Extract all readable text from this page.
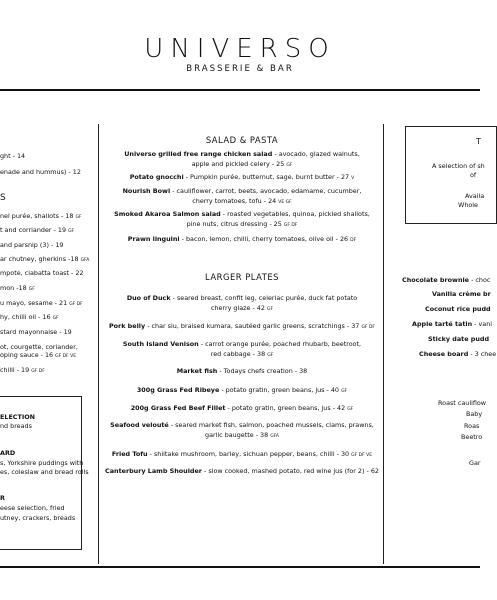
UNIVERSO
BRASSERIE & BAR
ght - 14
enade and hummus) - 12
S
nel purée, shallots - 18 GF
t and corriander - 19 GF
and parsnip (3) - 19
ar chutney, gherkins -18 GFA
mpote, ciabatta toast - 22
mon -18 GF
u mayo, sesame - 21 GF DF
hy, chilli oil - 16 GF
stard mayonnaise - 19
ot, courgette, coriander,
oping sauce - 16 GF DF VE
chilli - 19 GF DF
ELECTION
nd breads
ARD
s, Yorkshire puddings with
es, coleslaw and bread rolls
R
eese selection, fried
utney, crackers, breads
SALAD & PASTA
Universo grilled free range chicken salad - avocado, glazed walnuts,
apple and pickled celery - 25 GF
Potato gnocchi - Pumpkin purée, butternut, sage, burnt butter - 27 V
Nourish Bowl - cauliflower, carrot, beets, avocado, edamame, cucumber,
cherry tomatoes, tofu - 24 VE GF
Smoked Akaroa Salmon salad - roasted vegetables, quinoa, pickled shallots,
pine nuts, citrus dressing - 25 GF DF
Prawn linguini - bacon, lemon, chilli, cherry tomatoes, olive oil - 26 DF
LARGER PLATES
Duo of Duck - seared breast, confit leg, celeriac purée, duck fat potato
cherry glaze - 42 GF
Pork belly - char siu, braised kumara, sautéed garlic greens, scratchings - 37 GF DF
South Island Venison - carrot orange purée, poached rhubarb, beetroot,
red cabbage - 38 GF
Market fish - Todays chefs creation - 38
300g Grass Fed Ribeye - potato gratin, green beans, jus - 40 GF
200g Grass Fed Beef Fillet - potato gratin, green beans, jus - 42 GF
Seafood velouté - seared market fish, salmon, poached mussels, clams, prawns,
garlic baugette - 38 GFA
Fried Tofu - shiitake mushroom, barley, sichuan pepper, beans, chilli - 30 GF DF VE
Canterbury Lamb Shoulder - slow cooked, mashed potato, red wine jus (for 2) - 62
T
A selection of sh
of
Availa
Whole
Chocolate brownie - choc
Vanilla crème br
Coconut rice pudd
Apple tarté tatin - vani
Sticky date pudd
Cheese board - 3 chee
Roast cauliflow
Baby
Roas
Beetro
Gar
